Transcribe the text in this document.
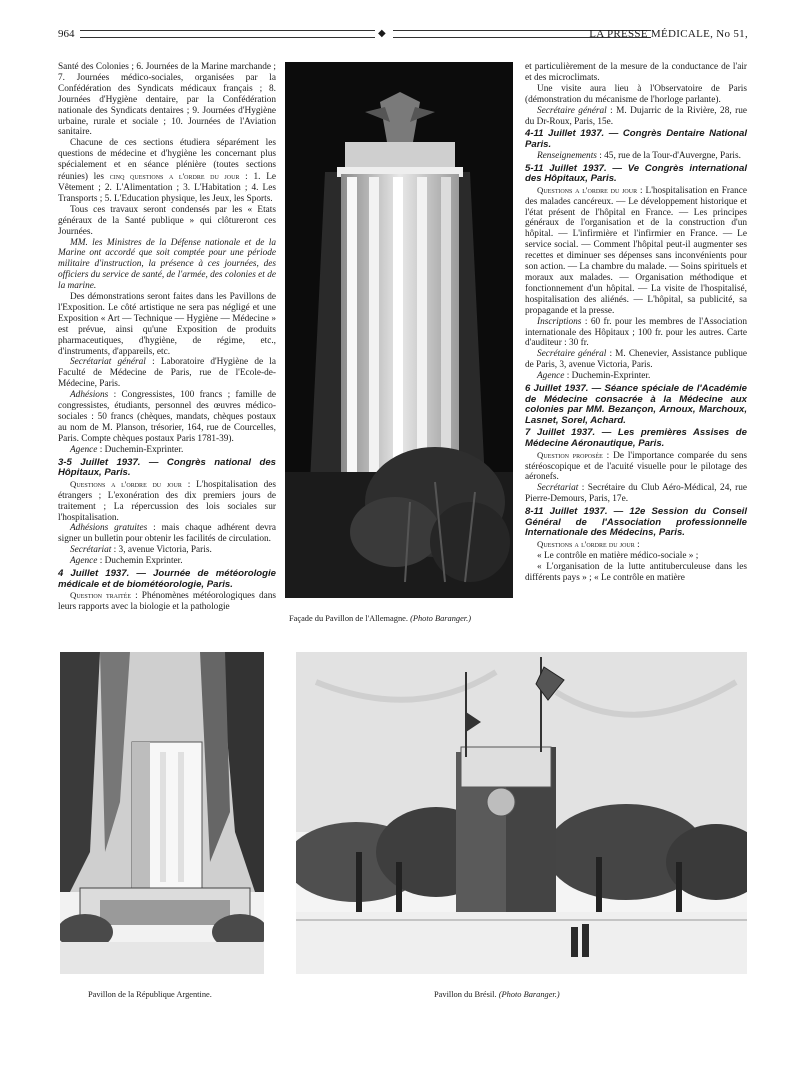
964	◆	LA PRESSE MÉDICALE, No 51,

Santé des Colonies ; 6. Journées de la Marine marchande ; 7. Journées médico-sociales, organisées par la Confédération des Syndicats médicaux français ; 8. Journées d'Hygiène dentaire, par la Confédération nationale des Syndicats dentaires ; 9. Journées d'Hygiène urbaine, rurale et sociale ; 10. Journées de l'Aviation sanitaire.

Chacune de ces sections étudiera séparément les questions de médecine et d'hygiène les concernant plus spécialement et en séance plénière (toutes sections réunies) les cinq questions a l'ordre du jour : 1. Le Vêtement ; 2. L'Alimentation ; 3. L'Habitation ; 4. Les Transports ; 5. L'Education physique, les Jeux, les Sports.

Tous ces travaux seront condensés par les « Etats généraux de la Santé publique » qui clôtureront ces Journées.

MM. les Ministres de la Défense nationale et de la Marine ont accordé que soit comptée pour une période militaire d'instruction, la présence à ces journées, des officiers du service de santé, de l'armée, des colonies et de la marine.

Des démonstrations seront faites dans les Pavillons de l'Exposition. Le côté artistique ne sera pas négligé et une Exposition « Art — Technique — Hygiène — Médecine » est prévue, ainsi qu'une Exposition de produits pharmaceutiques, d'hygiène, de régime, etc., d'instruments, d'appareils, etc.

Secrétariat général : Laboratoire d'Hygiène de la Faculté de Médecine de Paris, rue de l'Ecole-de-Médecine, Paris.

Adhésions : Congressistes, 100 francs ; famille de congressistes, étudiants, personnel des œuvres médico-sociales : 50 francs (chèques, mandats, chèques postaux au nom de M. Planson, trésorier, 164, rue de Courcelles, Paris. Compte chèques postaux Paris 1781-39).

Agence : Duchemin-Exprinter.

3-5 Juillet 1937. — Congrès national des Hôpitaux, Paris.

Questions a l'ordre du jour : L'hospitalisation des étrangers ; L'exonération des dix premiers jours de traitement ; La répercussion des lois sociales sur l'hospitalisation.

Adhésions gratuites : mais chaque adhérent devra signer un bulletin pour obtenir les facilités de circulation.

Secrétariat : 3, avenue Victoria, Paris.

Agence : Duchemin Exprinter.

4 Juillet 1937. — Journée de météorologie médicale et de biométéorologie, Paris.

Question traitée : Phénomènes météorologiques dans leurs rapports avec la biologie et la pathologie

Façade du Pavillon de l'Allemagne. (Photo Baranger.)

et particulièrement de la mesure de la conductance de l'air et des microclimats.

Une visite aura lieu à l'Observatoire de Paris (démonstration du mécanisme de l'horloge parlante).

Secrétaire général : M. Dujarric de la Rivière, 28, rue du Dr-Roux, Paris, 15e.

4-11 Juillet 1937. — Congrès Dentaire National Paris.

Renseignements : 45, rue de la Tour-d'Auvergne, Paris.

5-11 Juillet 1937. — Ve Congrès international des Hôpitaux, Paris.

Questions a l'ordre du jour : L'hospitalisation en France des malades cancéreux. — Le développement historique et l'état présent de l'hôpital en France. — Les principes généraux de l'organisation et de la construction d'un hôpital. — L'infirmière et l'infirmier en France. — Le service social. — Comment l'hôpital peut-il augmenter ses recettes et diminuer ses dépenses sans inconvénients pour son action. — La chambre du malade. — Soins spirituels et moraux aux malades. — Organisation méthodique et fonctionnement d'un hôpital. — La visite de l'hospitalisé, hospitalisation des aliénés. — L'hôpital, sa publicité, sa propagande et la presse.

Inscriptions : 60 fr. pour les membres de l'Association internationale des Hôpitaux ; 100 fr. pour les autres. Carte d'auditeur : 30 fr.

Secrétaire général : M. Chenevier, Assistance publique de Paris, 3, avenue Victoria, Paris.

Agence : Duchemin-Exprinter.

6 Juillet 1937. — Séance spéciale de l'Académie de Médecine consacrée à la Médecine aux colonies par MM. Bezançon, Arnoux, Marchoux, Lasnet, Sorel, Achard.
7 Juillet 1937. — Les premières Assises de Médecine Aéronautique, Paris.

Question proposée : De l'importance comparée du sens stéréoscopique et de l'acuité visuelle pour le pilotage des aéronefs.

Secrétariat : Secrétaire du Club Aéro-Médical, 24, rue Pierre-Demours, Paris, 17e.

8-11 Juillet 1937. — 12e Session du Conseil Général de l'Association professionnelle Internationale des Médecins, Paris.

Questions a l'ordre du jour :

« Le contrôle en matière médico-sociale » ;

« L'organisation de la lutte antituberculeuse dans les différents pays » ; « Le contrôle en matière

Pavillon de la République Argentine.	Pavillon du Brésil. (Photo Baranger.)
